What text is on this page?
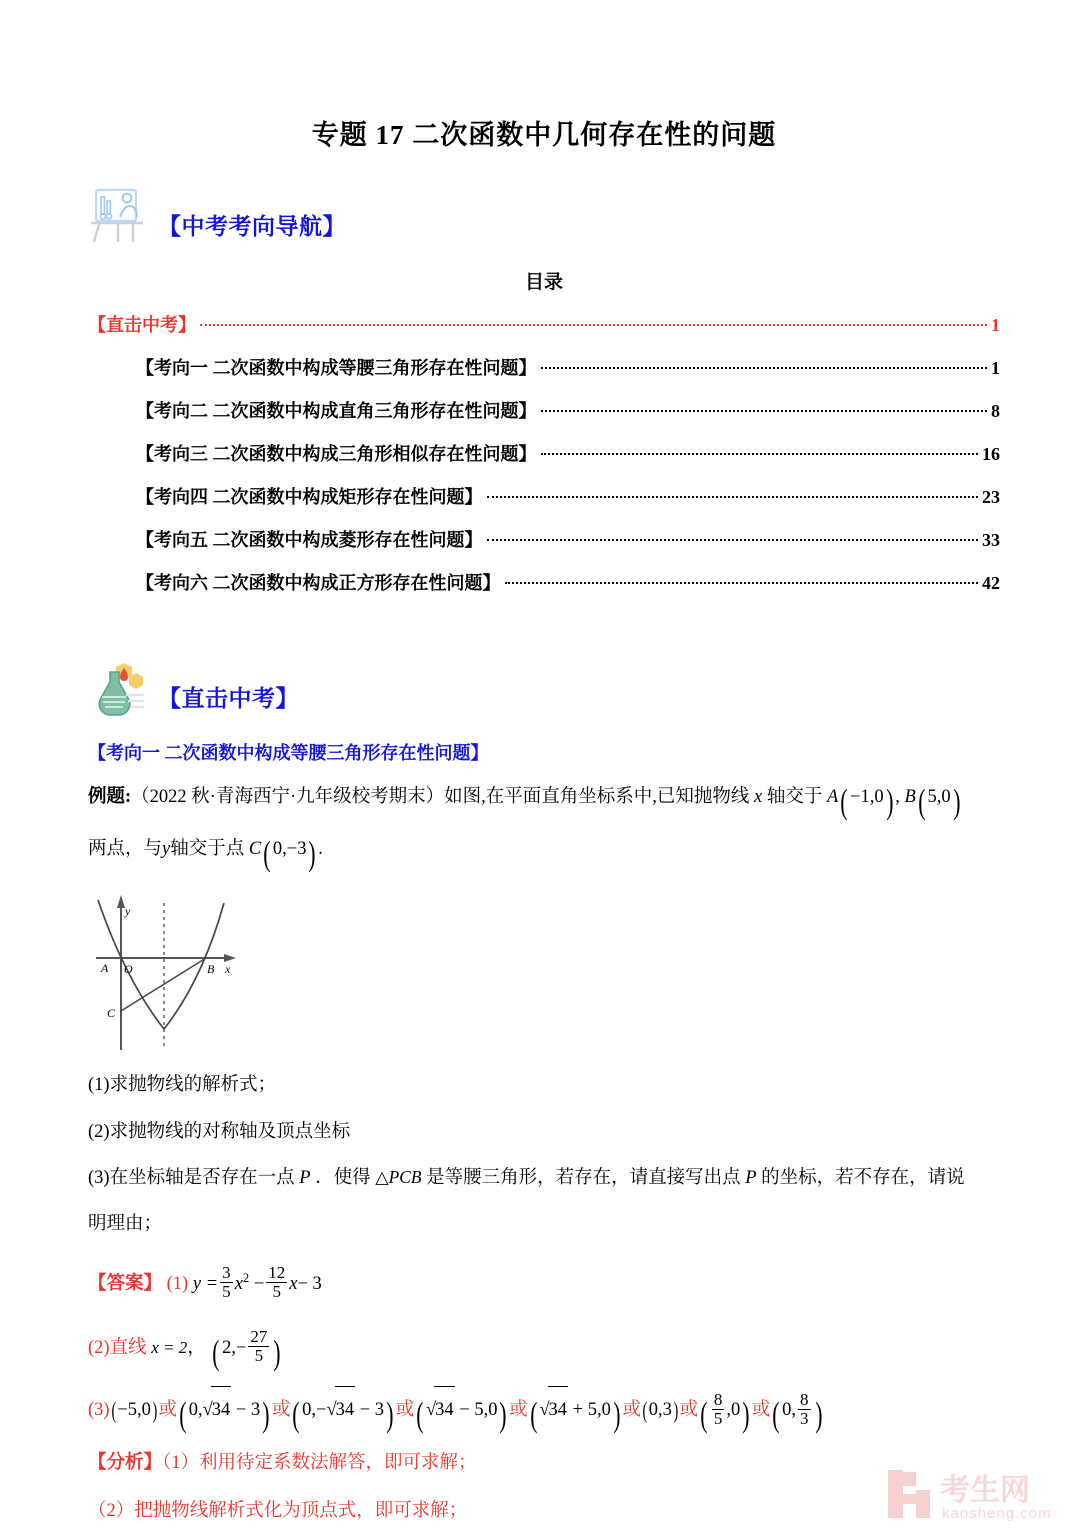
专题 17 二次函数中几何存在性的问题
【中考考向导航】
目录
【直击中考】	1
【考向一 二次函数中构成等腰三角形存在性问题】	1
【考向二 二次函数中构成直角三角形存在性问题】	8
【考向三 二次函数中构成三角形相似存在性问题】	16
【考向四 二次函数中构成矩形存在性问题】	23
【考向五 二次函数中构成菱形存在性问题】	33
【考向六 二次函数中构成正方形存在性问题】	42
【直击中考】
【考向一 二次函数中构成等腰三角形存在性问题】
例题:（2022 秋·青海西宁·九年级校考期末）如图,在平面直角坐标系中,已知抛物线 x 轴交于 A( −1,0) , B( 5,0)
两点，与y轴交于点 C( 0,−3) .
A O	B x
y
C
(1)求抛物线的解析式；
(2)求抛物线的对称轴及顶点坐标
(3)在坐标轴是否存在一点 P ．使得 △PCB 是等腰三角形，若存在，请直接写出点 P 的坐标，若不存在，请说
明理由；
【答案】 (1) $y = \frac{3}{5} x^2 - \frac{12}{5} x- 3$
(2)直线 x = 2， ( $2,- \frac{27}{5}$ )
(3)(−5,0)或( 0,√34 − 3) 或( 0,−√34 − 3) 或( √34 − 5,0) 或( √34 + 5,0) 或(0,3)或( $\frac{8}{5} ,0$) 或( 0, $\frac{8}{3}$ )
【分析】（1）利用待定系数法解答，即可求解；
（2）把抛物线解析式化为顶点式，即可求解；
考生网
kaosheng.com
